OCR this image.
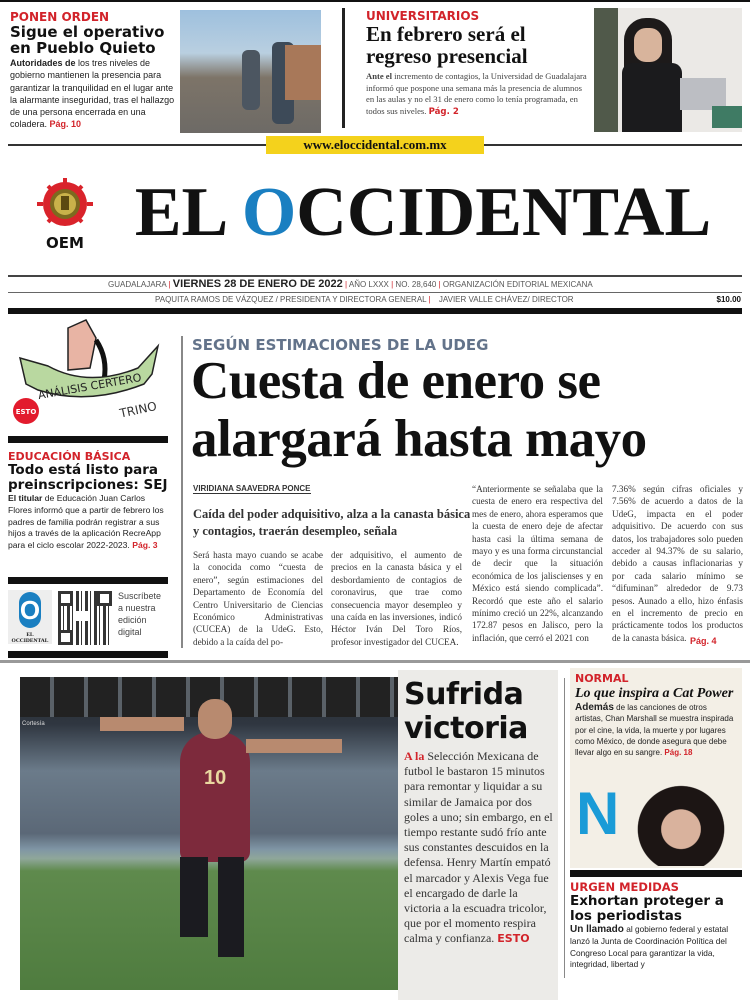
PONEN ORDEN
Sigue el operativo en Pueblo Quieto
Autoridades de los tres niveles de gobierno mantienen la presencia para garantizar la tranquilidad en el lugar ante la alarmante inseguridad, tras el hallazgo de una persona encerrada en una coladera. Pág. 10
UNIVERSITARIOS
En febrero será el regreso presencial
Ante el incremento de contagios, la Universidad de Guadalajara informó que pospone una semana más la presencia de alumnos en las aulas y no el 31 de enero como lo tenía programada, en todos sus niveles. Pág. 2
www.eloccidental.com.mx
OEM EL OCCIDENTAL
GUADALAJARA | VIERNES 28 DE ENERO DE 2022 | AÑO LXXX | NO. 28,640 | ORGANIZACIÓN EDITORIAL MEXICANA
PAQUITA RAMOS DE VÁZQUEZ / PRESIDENTA Y DIRECTORA GENERAL | JAVIER VALLE CHÁVEZ/ DIRECTOR	$10.00
ANÁLISIS CERTERO
TRINO
ESTO
EDUCACIÓN BÁSICA
Todo está listo para preinscripciones: SEJ
El titular de Educación Juan Carlos Flores informó que a partir de febrero los padres de familia podrán registrar a sus hijos a través de la aplicación RecreApp para el ciclo escolar 2022-2023. Pág. 3
O
EL OCCIDENTAL
Suscríbete a nuestra edición digital
SEGÚN ESTIMACIONES DE LA UDEG
Cuesta de enero se alargará hasta mayo
VIRIDIANA SAAVEDRA PONCE
Caída del poder adquisitivo, alza a la canasta básica y contagios, traerán desempleo, señala
Será hasta mayo cuando se acabe la conocida como “cuesta de enero”, según estimaciones del Departamento de Economía del Centro Universitario de Ciencias Económico Administrativas (CUCEA) de la UdeG. Esto, debido a la caída del po-
der adquisitivo, el aumento de precios en la canasta básica y el desbordamiento de contagios de coronavirus, que trae como consecuencia mayor desempleo y una caída en las inversiones, indicó Héctor Iván Del Toro Ríos, profesor investigador del CUCEA.
“Anteriormente se señalaba que la cuesta de enero era respectiva del mes de enero, ahora esperamos que la cuesta de enero deje de afectar hasta casi la última semana de mayo y es una forma circunstancial de decir que la situación económica de los jaliscienses y en México está siendo complicada”. Recordó que este año el salario mínimo creció un 22%, alcanzando 172.87 pesos en Jalisco, pero la inflación, que cerró el 2021 con
7.36% según cifras oficiales y 7.56% de acuerdo a datos de la UdeG, impacta en el poder adquisitivo. De acuerdo con sus datos, los trabajadores solo pueden acceder al 94.37% de su salario, debido a causas inflacionarias y por cada salario mínimo se “difuminan” alrededor de 9.73 pesos. Aunado a ello, hizo énfasis en el incremento de precio en prácticamente todos los productos de la canasta básica. Pág. 4
10
Cortesía
Sufrida victoria
A la Selección Mexicana de futbol le bastaron 15 minutos para remontar y liquidar a su similar de Jamaica por dos goles a uno; sin embargo, en el tiempo restante sudó frío ante sus constantes descuidos en la defensa. Henry Martín empató el marcador y Alexis Vega fue el encargado de darle la victoria a la escuadra tricolor, que por el momento respira calma y confianza. ESTO
NORMAL
Lo que inspira a Cat Power
Además de las canciones de otros artistas, Chan Marshall se muestra inspirada por el cine, la vida, la muerte y por lugares como México, de donde asegura que debe llevar algo en su sangre. Pág. 18
N
URGEN MEDIDAS
Exhortan proteger a los periodistas
Un llamado al gobierno federal y estatal lanzó la Junta de Coordinación Política del Congreso Local para garantizar la vida, integridad, libertad y
